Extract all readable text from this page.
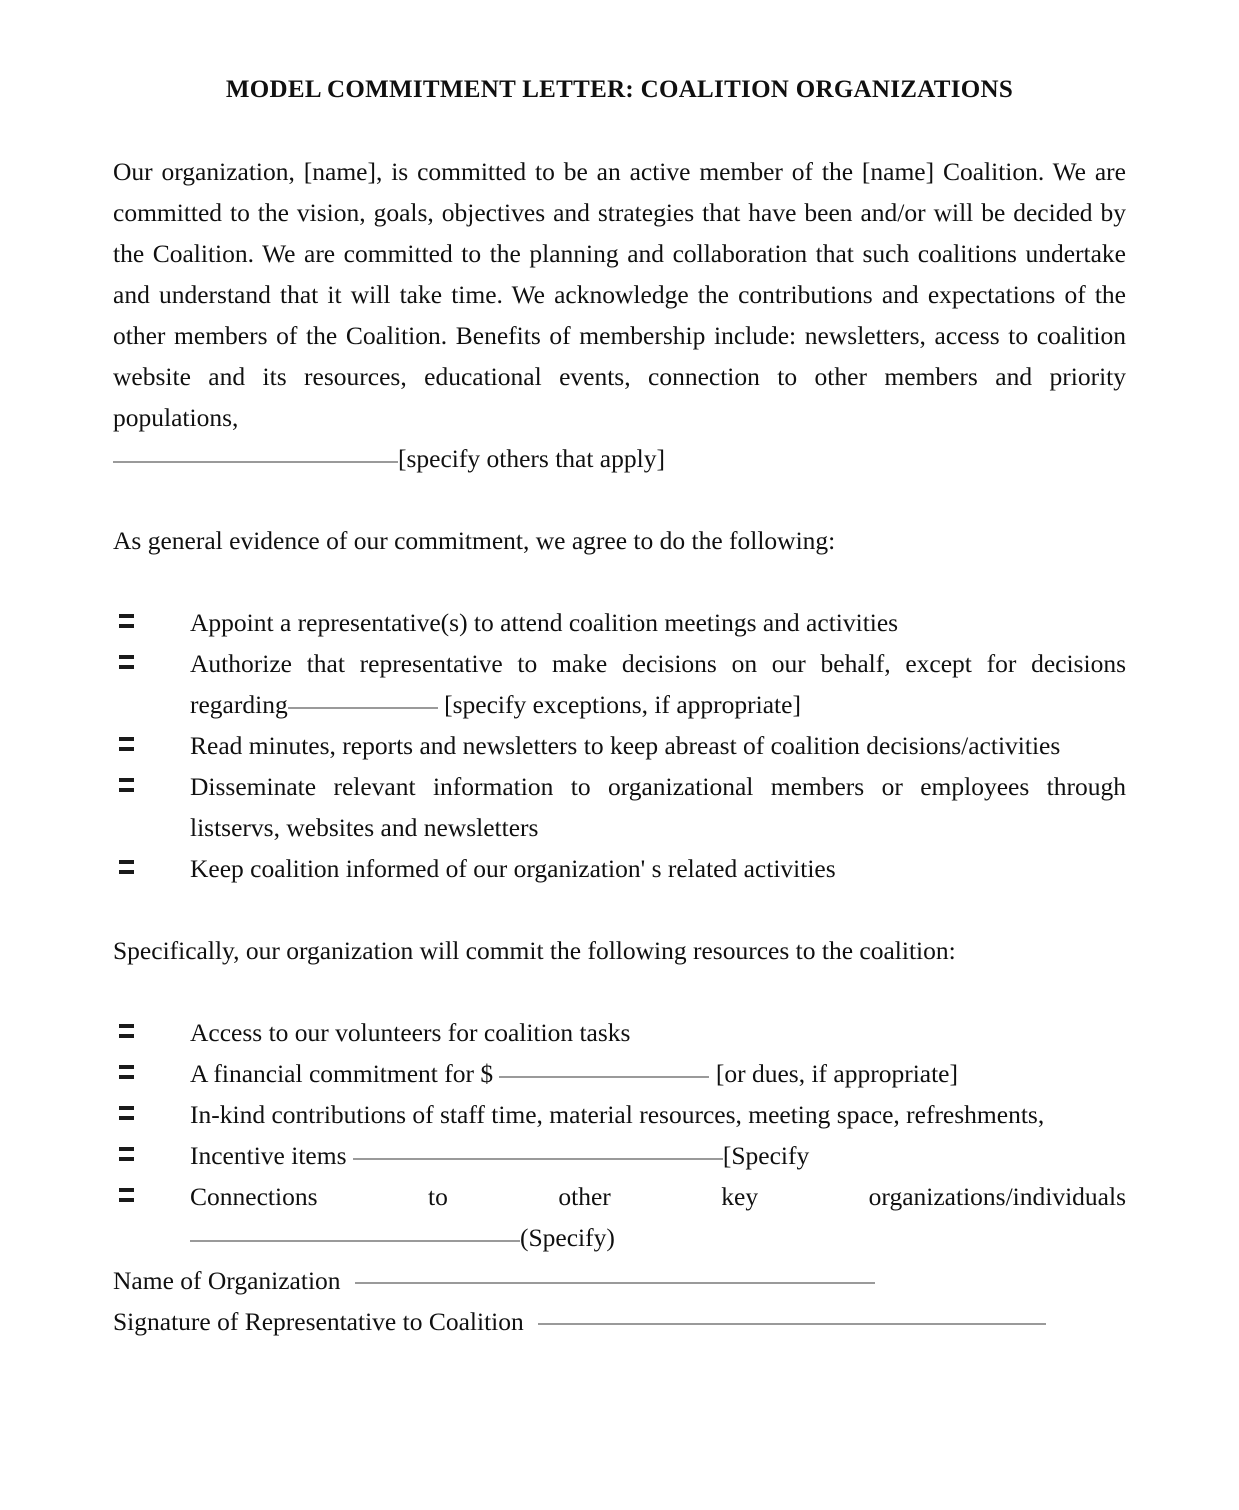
MODEL COMMITMENT LETTER: COALITION ORGANIZATIONS

Our organization, [name], is committed to be an active member of the [name] Coalition. We are committed to the vision, goals, objectives and strategies that have been and/or will be decided by the Coalition. We are committed to the planning and collaboration that such coalitions undertake and understand that it will take time. We acknowledge the contributions and expectations of the other members of the Coalition. Benefits of membership include: newsletters, access to coalition website and its resources, educational events, connection to other members and priority populations,

[specify others that apply]

As general evidence of our commitment, we agree to do the following:

Appoint a representative(s) to attend coalition meetings and activities
Authorize that representative to make decisions on our behalf, except for decisions regarding	[specify exceptions, if appropriate]
Read minutes, reports and newsletters to keep abreast of coalition decisions/activities
Disseminate relevant information to organizational members or employees through listservs, websites and newsletters
Keep coalition informed of our organization' s related activities

Specifically, our organization will commit the following resources to the coalition:

Access to our volunteers for coalition tasks
A financial commitment for $	[or dues, if appropriate]
In-kind contributions of staff time, material resources, meeting space, refreshments,
Incentive items	[Specify
Connections to other key organizations/individuals (Specify)
Name of Organization
Signature of Representative to Coalition
